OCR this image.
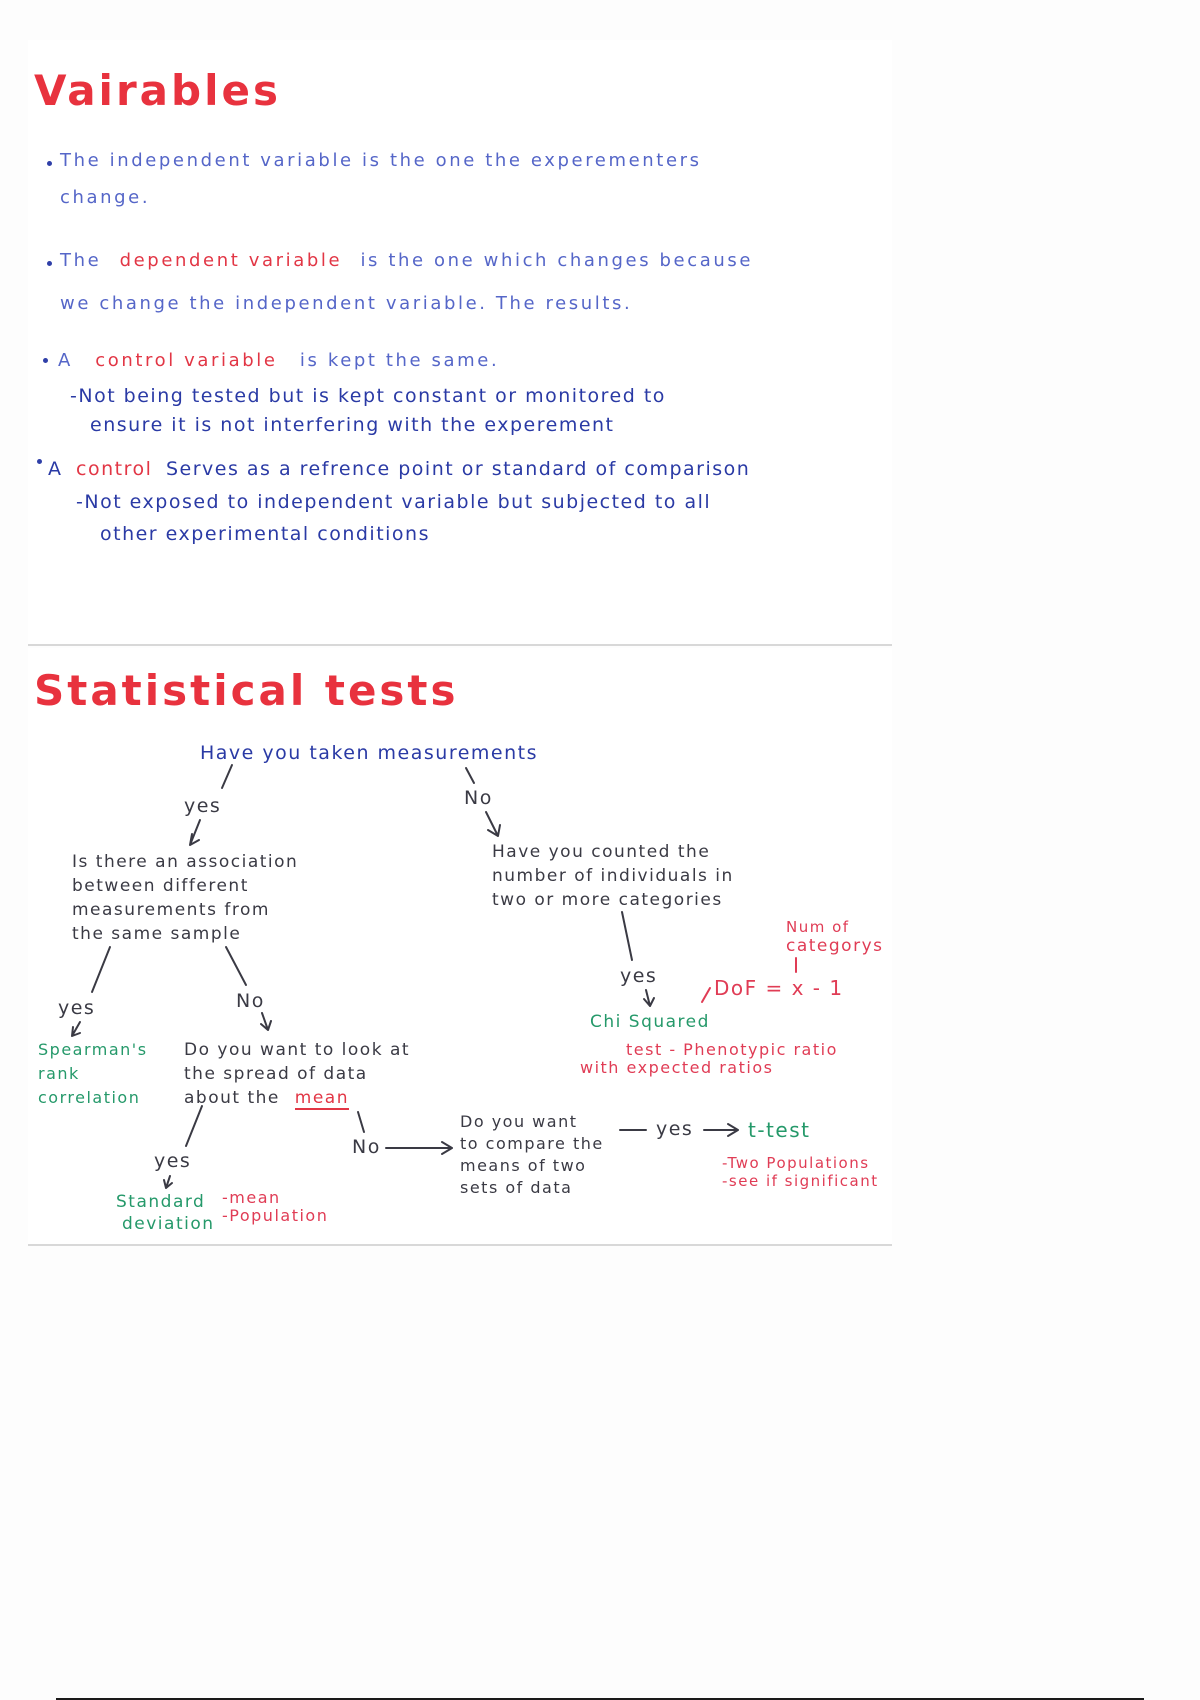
Vairables
The independent variable is the one the experementers
change.
The dependent variable is the one which changes because
we change the independent variable. The results.
A control variable is kept the same.
-Not being tested but is kept constant or monitored to
ensure it is not interfering with the experement
A control Serves as a refrence point or standard of comparison
-Not exposed to independent variable but subjected to all
other experimental conditions
Statistical tests
Have you taken measurements
yes	No
Is there an association
between different
measurements from
the same sample
Have you counted the
number of individuals in
two or more categories
yes
Spearman's
rank
correlation
No
Do you want to look at
the spread of data
about the mean
yes
Standard
deviation
-mean
-Population
No
Do you want
to compare the
means of two
sets of data
yes	t-test
-Two Populations
-see if significant
yes
Chi Squared
test - Phenotypic ratio
with expected ratios
DoF = x - 1
Num of
categorys
